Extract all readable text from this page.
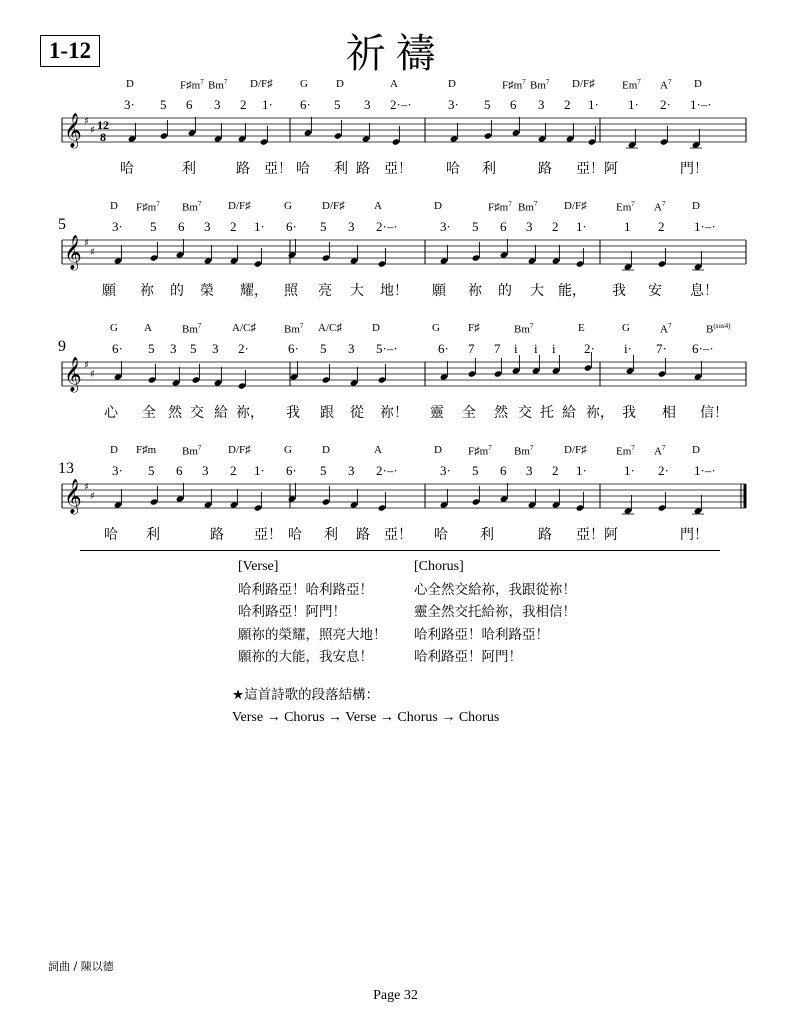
1-12	祈禱
D	$F♯m^7$ Bm$^7$ D/F♯ G	D	A	D	$F♯m^7$ Bm$^7$ D/F♯ Em$^7$ $A^7$ D
3· 5 6 3 2 1· 6· 5 3 2·–·	3· 5 6 3 2 1· 1· 2· 1·–·
𝄞 ♯
♯ 12
8
哈	利	路 亞！ 哈 利 路 亞！ 哈 利	路 亞！ 阿	門！
5
D $F♯m^7$ Bm$^7$ D/F♯	G	D/F♯	A	D	$F♯m^7$ Bm$^7$ D/F♯	Em$^7$ $A^7$ D
3· 5 6 3 2 1· 6· 5 3 2·–·	3· 5 6 3 2 1·	1 2 1·–·
𝄞 ♯
♯
願 祢 的 榮 耀， 照 亮 大 地！ 願 祢 的 大 能， 我 安 息！
9
G A	Bm$^7$	A/C♯	Bm$^7$ A/C♯	D	G	F♯	Bm$^7$	E	G	$A^7$	$B^{(sus4)}$
6· 5 3 5 3 2·	6· 5 3 5·–·	6· 7 7 i i i 2· i· 7· 6·–·
𝄞 ♯
♯
心 全 然 交 給 祢， 我 跟 從 祢！ 靈 全 然 交 托 給 祢， 我 相 信！
13
D F♯m Bm$^7$ D/F♯	G	D	A	D $F♯m^7$ Bm$^7$	D/F♯	Em$^7$ $A^7$ D
3· 5 6 3 2 1· 6· 5 3 2·–·	3· 5 6 3 2 1·	1· 2· 1·–·
𝄞 ♯
♯
哈 利	路 亞！ 哈 利 路 亞！ 哈 利	路 亞！ 阿	門！
[Verse]
哈利路亞！哈利路亞！
哈利路亞！阿門！
願祢的榮耀，照亮大地！
願祢的大能，我安息！
[Chorus]
心全然交給祢，我跟從祢！
靈全然交托給祢，我相信！
哈利路亞！哈利路亞！
哈利路亞！阿門！
★這首詩歌的段落結構：
Verse → Chorus → Verse → Chorus → Chorus
詞曲 / 陳以德
Page 32
